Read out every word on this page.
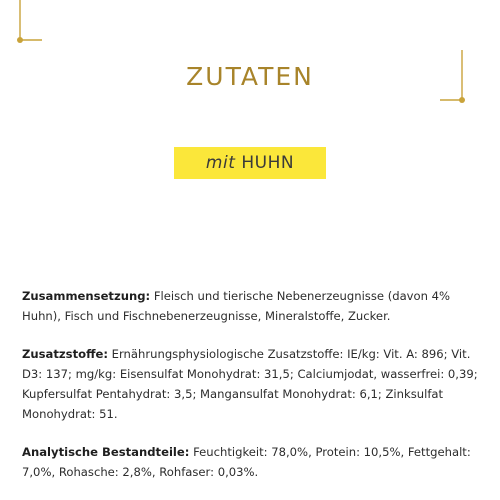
ZUTATEN
mit HUHN

Zusammensetzung: Fleisch und tierische Nebenerzeugnisse (davon 4% Huhn), Fisch und Fischnebenerzeugnisse, Mineralstoffe, Zucker.

Zusatzstoffe: Ernährungsphysiologische Zusatzstoffe: IE/kg: Vit. A: 896; Vit. D3: 137; mg/kg: Eisensulfat Monohydrat: 31,5; Calciumjodat, wasserfrei: 0,39; Kupfersulfat Pentahydrat: 3,5; Mangansulfat Monohydrat: 6,1; Zinksulfat Monohydrat: 51.

Analytische Bestandteile: Feuchtigkeit: 78,0%, Protein: 10,5%, Fettgehalt: 7,0%, Rohasche: 2,8%, Rohfaser: 0,03%.
